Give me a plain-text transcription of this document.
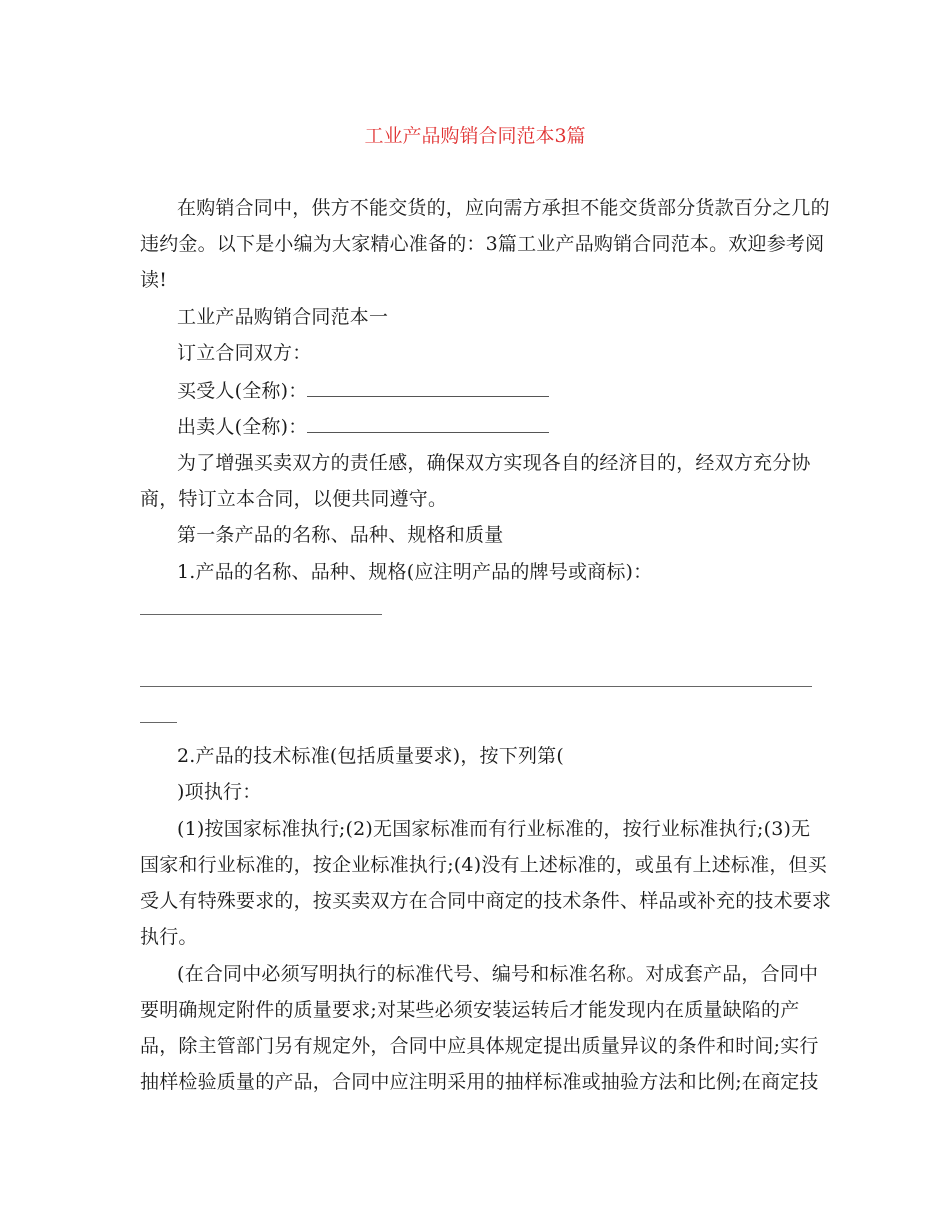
工业产品购销合同范本3篇
在购销合同中，供方不能交货的，应向需方承担不能交货部分货款百分之几的
违约金。以下是小编为大家精心准备的：3篇工业产品购销合同范本。欢迎参考阅
读!
工业产品购销合同范本一
订立合同双方：
买受人(全称)：
出卖人(全称)：
为了增强买卖双方的责任感，确保双方实现各自的经济目的，经双方充分协
商，特订立本合同，以便共同遵守。
第一条产品的名称、品种、规格和质量
1.产品的名称、品种、规格(应注明产品的牌号或商标)：
2.产品的技术标准(包括质量要求)，按下列第(
)项执行：
(1)按国家标准执行;(2)无国家标准而有行业标准的，按行业标准执行;(3)无
国家和行业标准的，按企业标准执行;(4)没有上述标准的，或虽有上述标准，但买
受人有特殊要求的，按买卖双方在合同中商定的技术条件、样品或补充的技术要求
执行。
(在合同中必须写明执行的标准代号、编号和标准名称。对成套产品，合同中
要明确规定附件的质量要求;对某些必须安装运转后才能发现内在质量缺陷的产
品，除主管部门另有规定外，合同中应具体规定提出质量异议的条件和时间;实行
抽样检验质量的产品，合同中应注明采用的抽样标准或抽验方法和比例;在商定技
